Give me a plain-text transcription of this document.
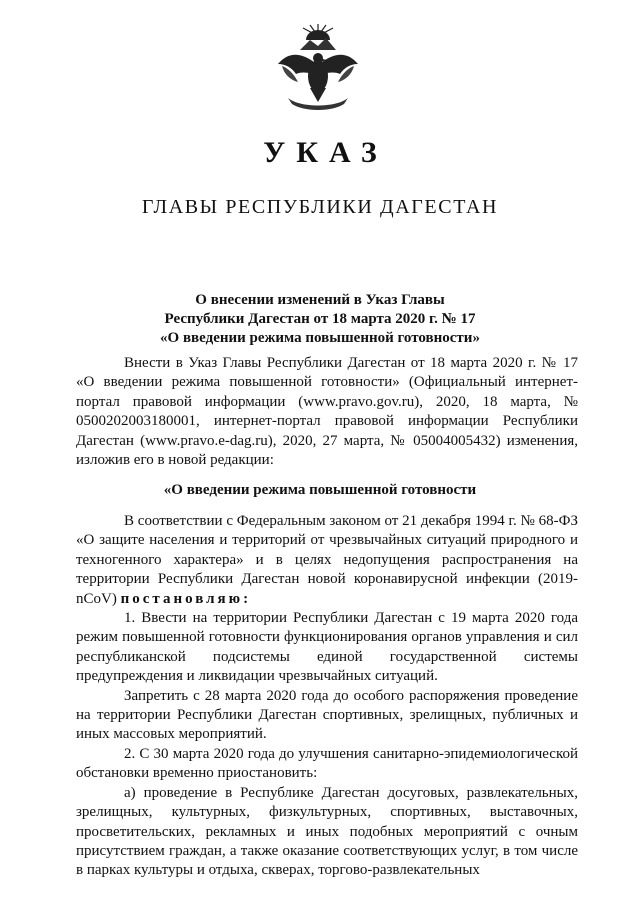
УКАЗ
ГЛАВЫ РЕСПУБЛИКИ ДАГЕСТАН
О внесении изменений в Указ Главы
Республики Дагестан от 18 марта 2020 г. № 17
«О введении режима повышенной готовности»
Внести в Указ Главы Республики Дагестан от 18 марта 2020 г. № 17 «О введении режима повышенной готовности» (Официальный интернет-портал правовой информации (www.pravo.gov.ru), 2020, 18 марта, № 0500202003180001, интернет-портал правовой информации Республики Дагестан (www.pravo.e-dag.ru), 2020, 27 марта, № 05004005432) изменения, изложив его в новой редакции:
«О введении режима повышенной готовности
В соответствии с Федеральным законом от 21 декабря 1994 г. № 68-ФЗ «О защите населения и территорий от чрезвычайных ситуаций природного и техногенного характера» и в целях недопущения распространения на территории Республики Дагестан новой коронавирусной инфекции (2019-nCoV) постановляю:
1. Ввести на территории Республики Дагестан с 19 марта 2020 года режим повышенной готовности функционирования органов управления и сил республиканской подсистемы единой государственной системы предупреждения и ликвидации чрезвычайных ситуаций.
Запретить с 28 марта 2020 года до особого распоряжения проведение на территории Республики Дагестан спортивных, зрелищных, публичных и иных массовых мероприятий.
2. С 30 марта 2020 года до улучшения санитарно-эпидемиологической обстановки временно приостановить:
а) проведение в Республике Дагестан досуговых, развлекательных, зрелищных, культурных, физкультурных, спортивных, выставочных, просветительских, рекламных и иных подобных мероприятий с очным присутствием граждан, а также оказание соответствующих услуг, в том числе в парках культуры и отдыха, скверах, торгово-развлекательных
